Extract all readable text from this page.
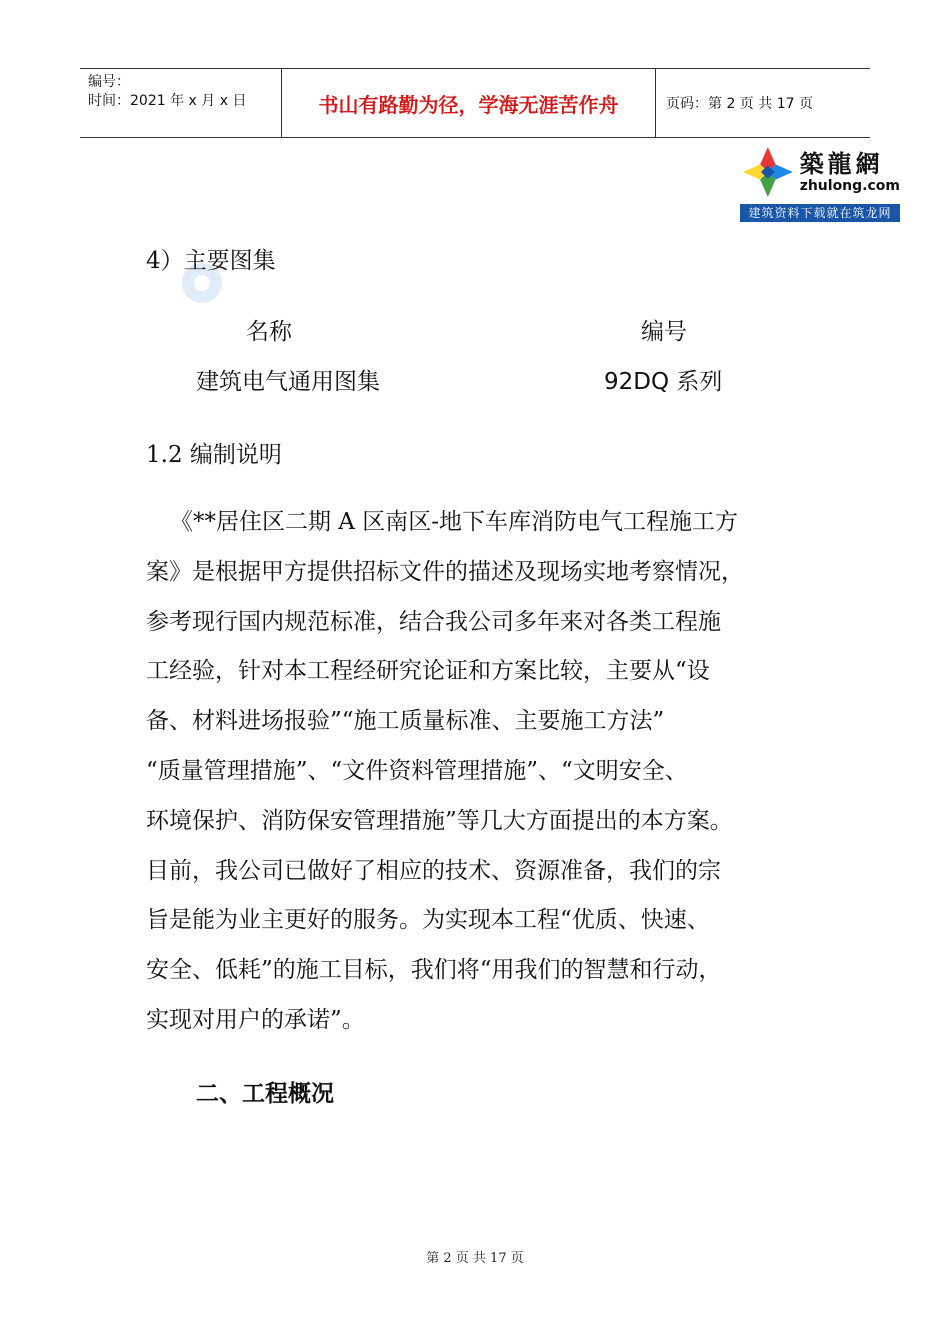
编号：
时间：2021 年 x 月 x 日	书山有路勤为径，学海无涯苦作舟	页码：第 2 页 共 17 页
築龍網
zhulong.com
建筑资料下载就在筑龙网
4）主要图集
名称	编号
建筑电气通用图集	92DQ 系列
1.2 编制说明
《**居住区二期 A 区南区-地下车库消防电气工程施工方
案》是根据甲方提供招标文件的描述及现场实地考察情况，
参考现行国内规范标准，结合我公司多年来对各类工程施
工经验，针对本工程经研究论证和方案比较，主要从“设
备、材料进场报验”“施工质量标准、主要施工方法”
“质量管理措施”、“文件资料管理措施”、“文明安全、
环境保护、消防保安管理措施”等几大方面提出的本方案。
目前，我公司已做好了相应的技术、资源准备，我们的宗
旨是能为业主更好的服务。为实现本工程“优质、快速、
安全、低耗”的施工目标，我们将“用我们的智慧和行动，
实现对用户的承诺”。
二、工程概况
第 2 页 共 17 页
